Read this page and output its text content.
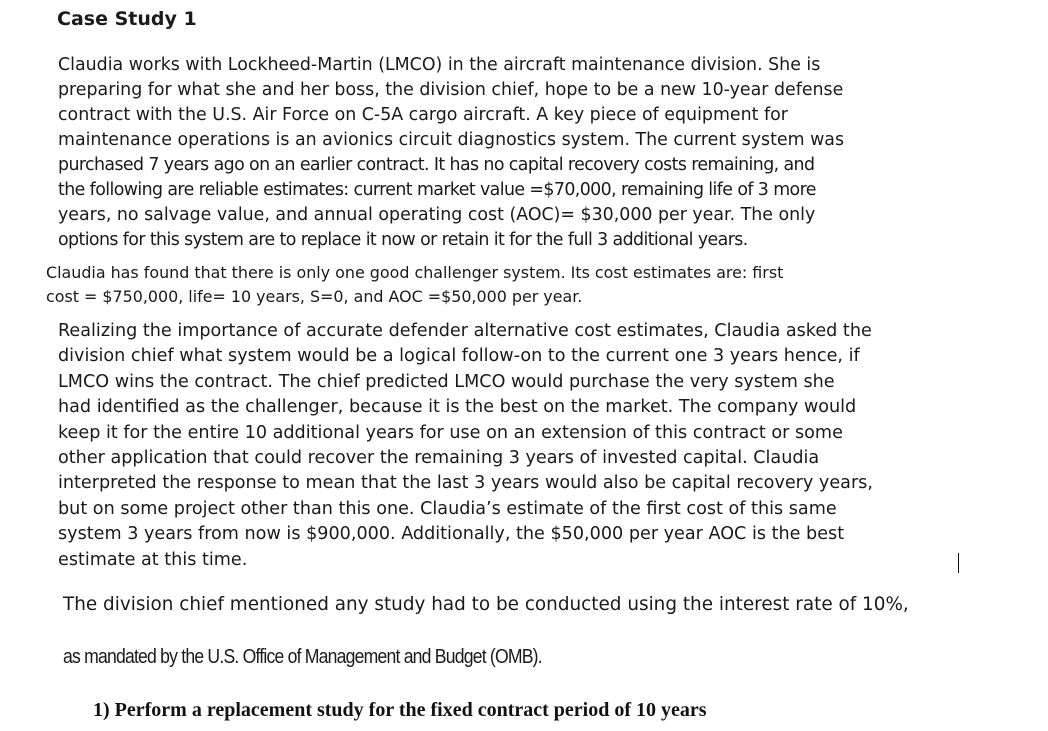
Case Study 1
Claudia works with Lockheed-Martin (LMCO) in the aircraft maintenance division. She is
preparing for what she and her boss, the division chief, hope to be a new 10-year defense
contract with the U.S. Air Force on C-5A cargo aircraft. A key piece of equipment for
maintenance operations is an avionics circuit diagnostics system. The current system was
purchased 7 years ago on an earlier contract. It has no capital recovery costs remaining, and
the following are reliable estimates: current market value =$70,000, remaining life of 3 more
years, no salvage value, and annual operating cost (AOC)= $30,000 per year. The only
options for this system are to replace it now or retain it for the full 3 additional years.
Claudia has found that there is only one good challenger system. Its cost estimates are: first
cost = $750,000, life= 10 years, S=0, and AOC =$50,000 per year.
Realizing the importance of accurate defender alternative cost estimates, Claudia asked the
division chief what system would be a logical follow-on to the current one 3 years hence, if
LMCO wins the contract. The chief predicted LMCO would purchase the very system she
had identified as the challenger, because it is the best on the market. The company would
keep it for the entire 10 additional years for use on an extension of this contract or some
other application that could recover the remaining 3 years of invested capital. Claudia
interpreted the response to mean that the last 3 years would also be capital recovery years,
but on some project other than this one. Claudia’s estimate of the first cost of this same
system 3 years from now is $900,000. Additionally, the $50,000 per year AOC is the best
estimate at this time.

The division chief mentioned any study had to be conducted using the interest rate of 10%,

as mandated by the U.S. Office of Management and Budget (OMB).

1) Perform a replacement study for the fixed contract period of 10 years
